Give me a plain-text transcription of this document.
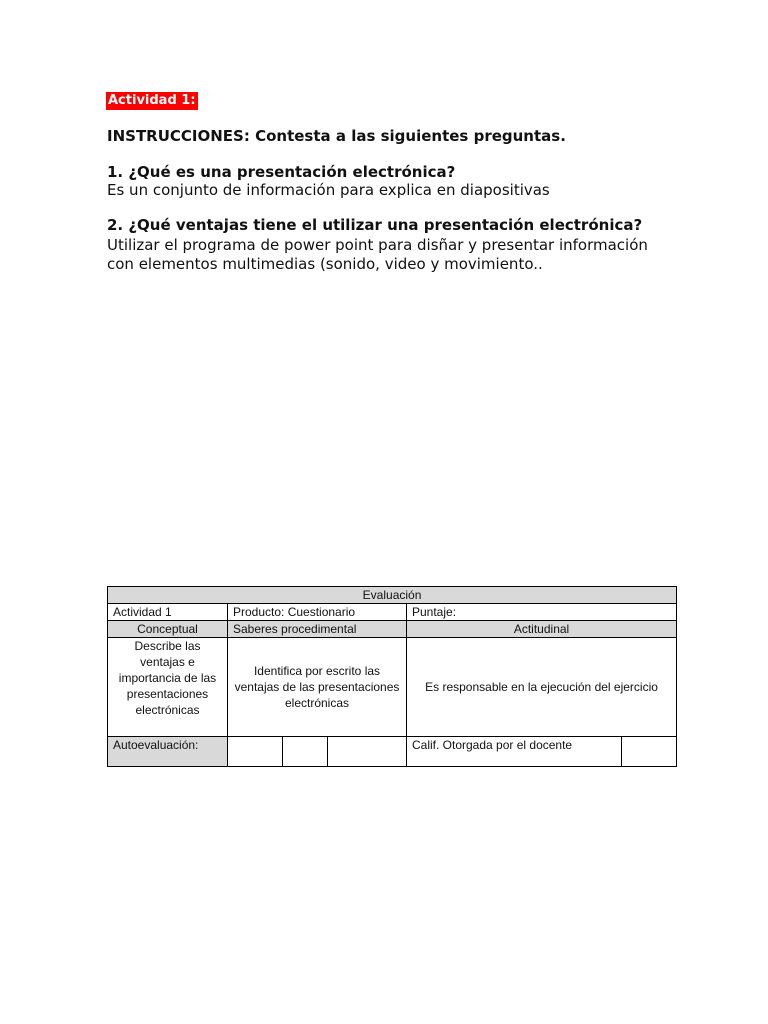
Actividad 1:
INSTRUCCIONES: Contesta a las siguientes preguntas.
1. ¿Qué es una presentación electrónica?
Es un conjunto de información para explica en diapositivas
2. ¿Qué ventajas tiene el utilizar una presentación electrónica?
Utilizar el programa de power point para disñar y presentar información con elementos multimedias (sonido, video y movimiento..
Evaluación					
Actividad 1	Producto: Cuestionario			Puntaje:	
Conceptual	Saberes procedimental			Actitudinal	
Describe las ventajas e importancia de las presentaciones electrónicas	Identifica por escrito las ventajas de las presentaciones electrónicas			Es responsable en la ejecución del ejercicio	
Autoevaluación:				Calif. Otorgada por el docente	
